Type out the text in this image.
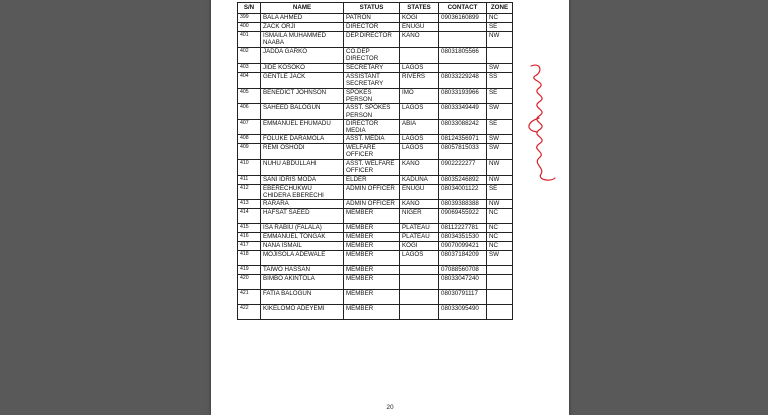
S/N	NAME	STATUS	STATES	CONTACT	ZONE
399	BALA AHMED	PATRON	KOGI	09036160899	NC
400	ZACK ORJI	DIRECTOR	ENUGU		SE
401	ISMAILA MUHAMMED NAABA	DEP.DIRECTOR	KANO		NW
402	JADDA GARKO	CO.DEP DIRECTOR		08031805566	
403	JIDE KOSOKO	SECRETARY	LAGOS		SW
404	GENTLE JACK	ASSISTANT SECRETARY	RIVERS	08033229248	SS
405	BENEDICT JOHNSON	SPOKES PERSON	IMO	08033193966	SE
406	SAHEED BALOGUN	ASST. SPOKES PERSON	LAGOS	08033349449	SW
407	EMMANUEL EHUMADU	DIRECTOR MEDIA	ABIA	08033088242	SE
408	FOLUKE DARAMOLA	ASST. MEDIA	LAGOS	08124356971	SW
409	REMI OSHODI	WELFARE OFFICER	LAGOS	08057815033	SW
410	NUHU ABDULLAHI	ASST. WELFARE OFFICER	KANO	0902222277	NW
411	SANI IDRIS MODA	ELDER	KADUNA	08035246892	NW
412	EBERECHUKWU CHIDERA EBERECHI	ADMIN OFFICER	ENUGU	08034001122	SE
413	RARARA	ADMIN OFFICER	KANO	08039388388	NW
414	HAFSAT SAEED	MEMBER	NIGER	09069455922	NC
415	ISA RABIU (FALALA)	MEMBER	PLATEAU	08112227781	NC
416	EMMANUEL TONGAK	MEMBER	PLATEAU	08034351530	NC
417	NANA ISMAIL	MEMBER	KOGI	09070099421	NC
418	MOJISOLA ADEWALE	MEMBER	LAGOS	08037184209	SW
419	TAIWO HASSAN	MEMBER		07088560708	
420	BIMBO AKINTOLA	MEMBER		08033047240	
421	FATIA BALOGUN	MEMBER		08030791117	
422	KIKELOMO ADEYEMI	MEMBER		08033095490	
20
